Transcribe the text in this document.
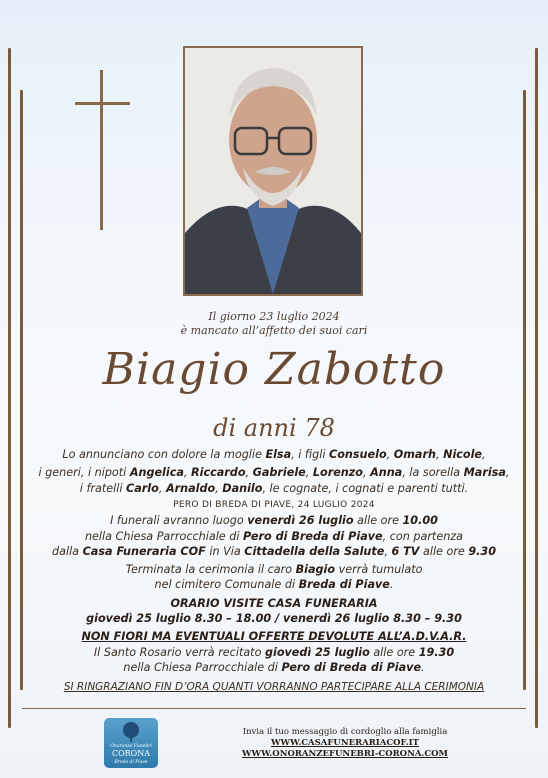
Il giorno 23 luglio 2024
è mancato all’affetto dei suoi cari
Biagio Zabotto
di anni 78
Lo annunciano con dolore la moglie Elsa, i figli Consuelo, Omarh, Nicole,
i generi, i nipoti Angelica, Riccardo, Gabriele, Lorenzo, Anna, la sorella Marisa,
i fratelli Carlo, Arnaldo, Danilo, le cognate, i cognati e parenti tutti.
PERO DI BREDA DI PIAVE, 24 LUGLIO 2024
I funerali avranno luogo venerdì 26 luglio alle ore 10.00
nella Chiesa Parrocchiale di Pero di Breda di Piave, con partenza
dalla Casa Funeraria COF in Via Cittadella della Salute, 6 TV alle ore 9.30
Terminata la cerimonia il caro Biagio verrà tumulato
nel cimitero Comunale di Breda di Piave.
ORARIO VISITE CASA FUNERARIA
giovedì 25 luglio 8.30 – 18.00 / venerdì 26 luglio 8.30 – 9.30
NON FIORI MA EVENTUALI OFFERTE DEVOLUTE ALL’A.D.V.A.R.
Il Santo Rosario verrà recitato giovedì 25 luglio alle ore 19.30
nella Chiesa Parrocchiale di Pero di Breda di Piave.
SI RINGRAZIANO FIN D’ORA QUANTI VORRANNO PARTECIPARE ALLA CERIMONIA
Onoranze Funebri
CORONA
Breda di Piave
Invia il tuo messaggio di cordoglio alla famiglia
WWW.CASAFUNERARIACOF.IT
WWW.ONORANZEFUNEBRI-CORONA.COM
